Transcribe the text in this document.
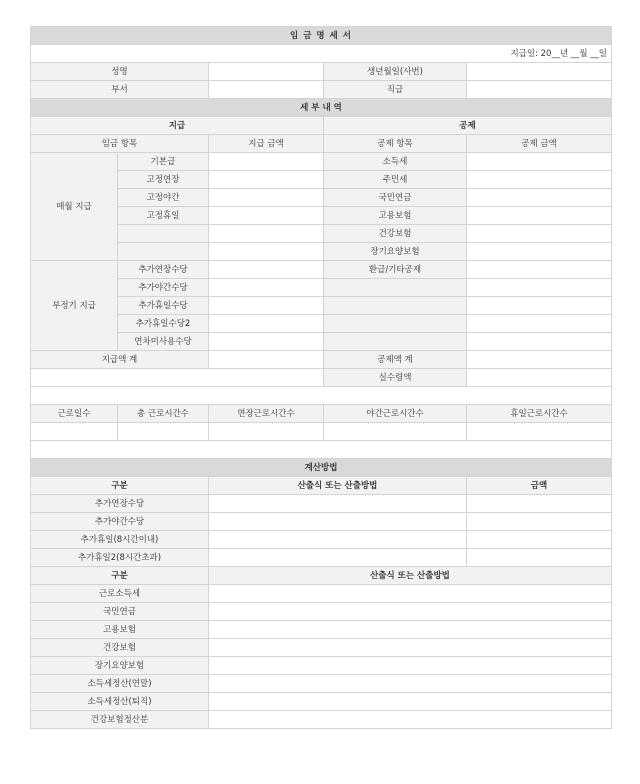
임 금 명 세 서				
지급일: 20__년 __월 __일				
성명			생년월일(사번)	
부서			직급	
세 부 내 역				
지급			공제	
임금 항목		지급 금액	공제 항목	공제 금액
매월 지급	기본급		소득세	
	고정연장		주민세	
	고정야간		국민연금	
	고정휴일		고용보험	
			건강보험	
			장기요양보험	
부정기 지급	추가연장수당		환급/기타공제	
	추가야간수당			
	추가휴일수당			
	추가휴일수당2			
	연차미사용수당			
지급액 계			공제액 계	
			실수령액	

근로일수	총 근로시간수	연장근로시간수	야간근로시간수	휴일근로시간수

계산방법				
구분		산출식 또는 산출방법		금액
추가연장수당				
추가야간수당				
추가휴일(8시간이내)				
추가휴일2(8시간초과)				
구분		산출식 또는 산출방법		
근로소득세				
국민연금				
고용보험				
건강보험				
장기요양보험				
소득세정산(연말)				
소득세정산(퇴직)				
건강보험정산분				
